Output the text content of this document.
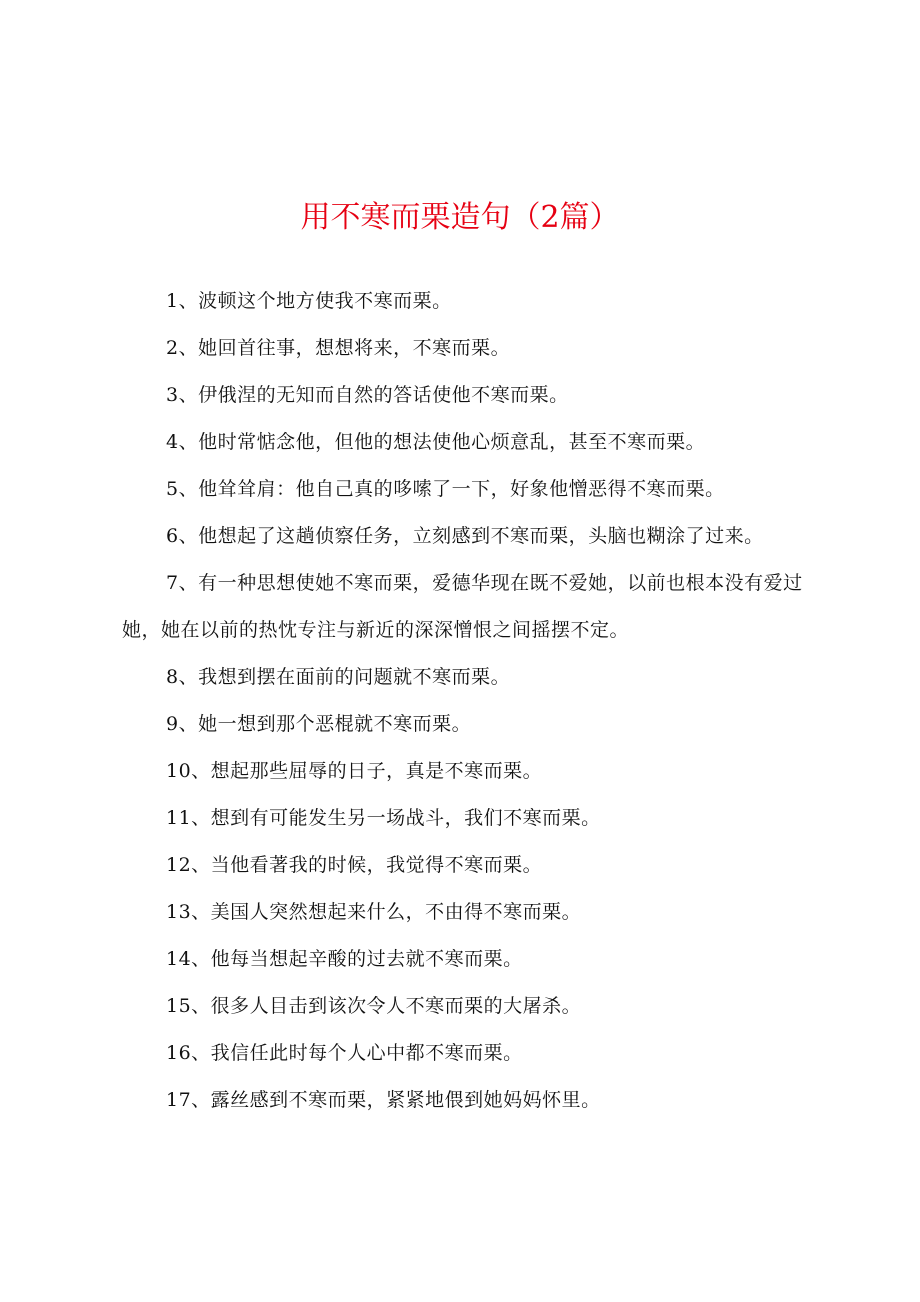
用不寒而栗造句（2篇）

1、波顿这个地方使我不寒而栗。

2、她回首往事，想想将来，不寒而栗。

3、伊俄涅的无知而自然的答话使他不寒而栗。

4、他时常惦念他，但他的想法使他心烦意乱，甚至不寒而栗。

5、他耸耸肩：他自己真的哆嗦了一下，好象他憎恶得不寒而栗。

6、他想起了这趟侦察任务，立刻感到不寒而栗，头脑也糊涂了过来。

7、有一种思想使她不寒而栗，爱德华现在既不爱她，以前也根本没有爱过她，她在以前的热忱专注与新近的深深憎恨之间摇摆不定。

8、我想到摆在面前的问题就不寒而栗。

9、她一想到那个恶棍就不寒而栗。

10、想起那些屈辱的日子，真是不寒而栗。

11、想到有可能发生另一场战斗，我们不寒而栗。

12、当他看著我的时候，我觉得不寒而栗。

13、美国人突然想起来什么，不由得不寒而栗。

14、他每当想起辛酸的过去就不寒而栗。

15、很多人目击到该次令人不寒而栗的大屠杀。

16、我信任此时每个人心中都不寒而栗。

17、露丝感到不寒而栗，紧紧地偎到她妈妈怀里。
